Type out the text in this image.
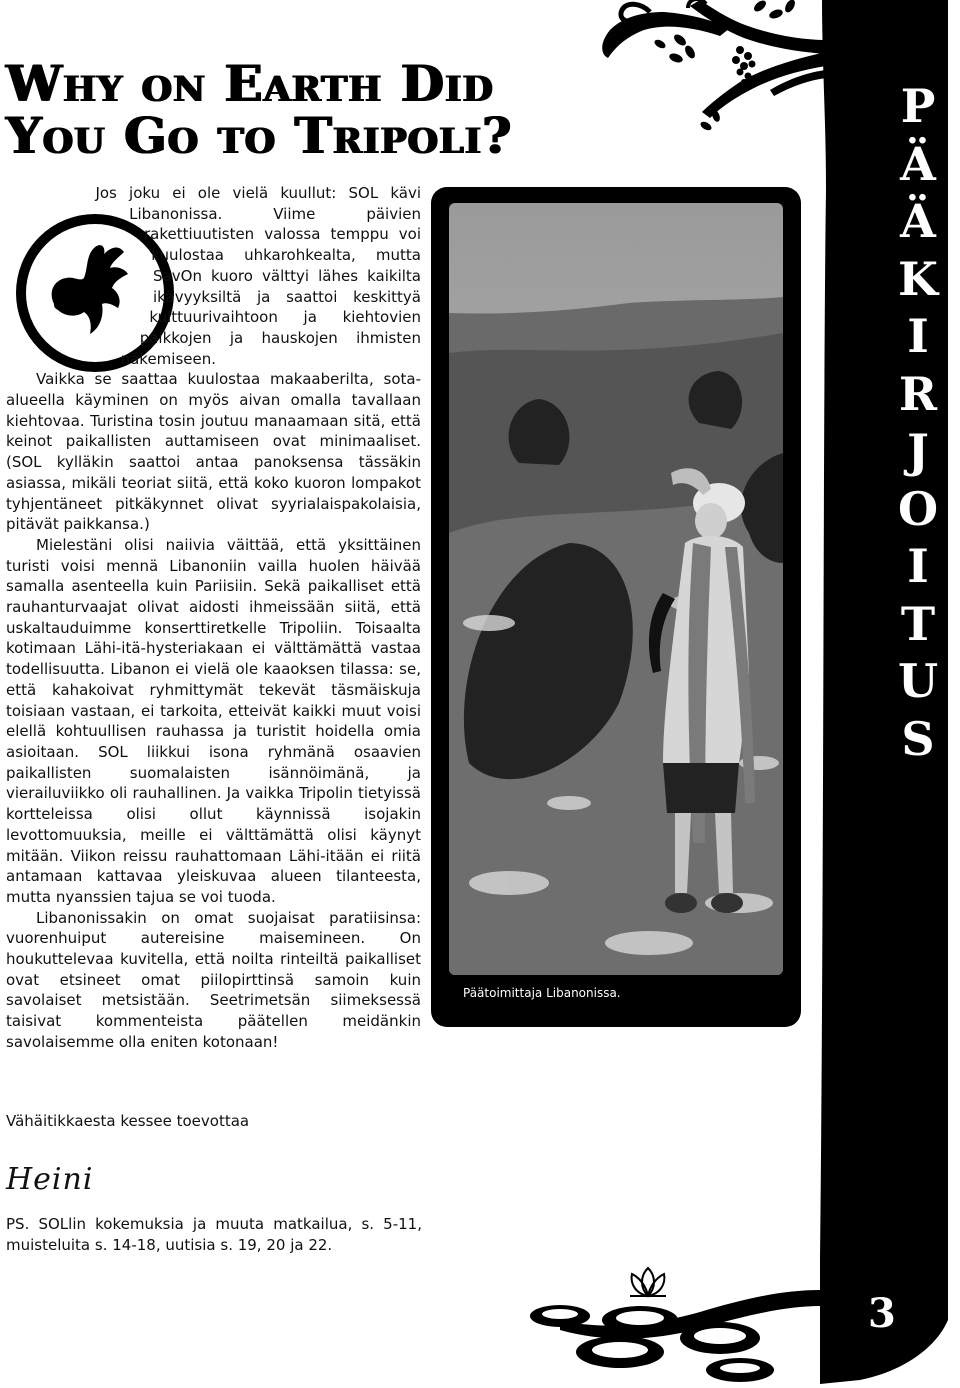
Why on Earth Did
You Go to Tripoli?

Jos joku ei ole vielä kuullut: SOL kävi Libanonissa. Viime päivien rakettiuutisten valossa temppu voi kuulostaa uhkarohkealta, mutta SavOn kuoro välttyi lähes kaikilta ikävyyksiltä ja saattoi keskittyä kulttuurivaihtoon ja kiehtovien paikkojen ja hauskojen ihmisten näkemiseen.

Vaikka se saattaa kuulostaa makaaberilta, sota-alueella käyminen on myös aivan omalla tavallaan kiehtovaa. Turistina tosin joutuu manaamaan sitä, että keinot paikallisten auttamiseen ovat minimaaliset. (SOL kylläkin saattoi antaa panoksensa tässäkin asiassa, mikäli teoriat siitä, että koko kuoron lompakot tyhjentäneet pitkäkynnet olivat syyrialaispakolaisia, pitävät paikkansa.)

Mielestäni olisi naiivia väittää, että yksittäinen turisti voisi mennä Libanoniin vailla huolen häivää samalla asenteella kuin Pariisiin. Sekä paikalliset että rauhanturvaajat olivat aidosti ihmeissään siitä, että uskaltauduimme konserttiretkelle Tripoliin. Toisaalta kotimaan Lähi-itä-hysteriakaan ei välttämättä vastaa todellisuutta. Libanon ei vielä ole kaaoksen tilassa: se, että kahakoivat ryhmittymät tekevät täsmäiskuja toisiaan vastaan, ei tarkoita, etteivät kaikki muut voisi elellä kohtuullisen rauhassa ja turistit hoidella omia asioitaan. SOL liikkui isona ryhmänä osaavien paikallisten suomalaisten isännöimänä, ja vierailuviikko oli rauhallinen. Ja vaikka Tripolin tietyissä kortteleissa olisi ollut käynnissä isojakin levottomuuksia, meille ei välttämättä olisi käynyt mitään. Viikon reissu rauhattomaan Lähi-itään ei riitä antamaan kattavaa yleiskuvaa alueen tilanteesta, mutta nyanssien tajua se voi tuoda.

Libanonissakin on omat suojaisat paratiisinsa: vuorenhuiput autereisine maisemineen. On houkuttelevaa kuvitella, että noilta rinteiltä paikalliset ovat etsineet omat piilopirttinsä samoin kuin savolaiset metsistään. Seetrimetsän siimeksessä taisivat kommenteista päätellen meidänkin savolaisemme olla eniten kotonaan!

Päätoimittaja Libanonissa.
P
Ä
Ä
K
I
R
J
O
I
T
U
S
Vähäitikkaesta kessee toevottaa
Heini
PS. SOLlin kokemuksia ja muuta matkailua, s. 5-11, muisteluita s. 14-18, uutisia s. 19, 20 ja 22.
3
